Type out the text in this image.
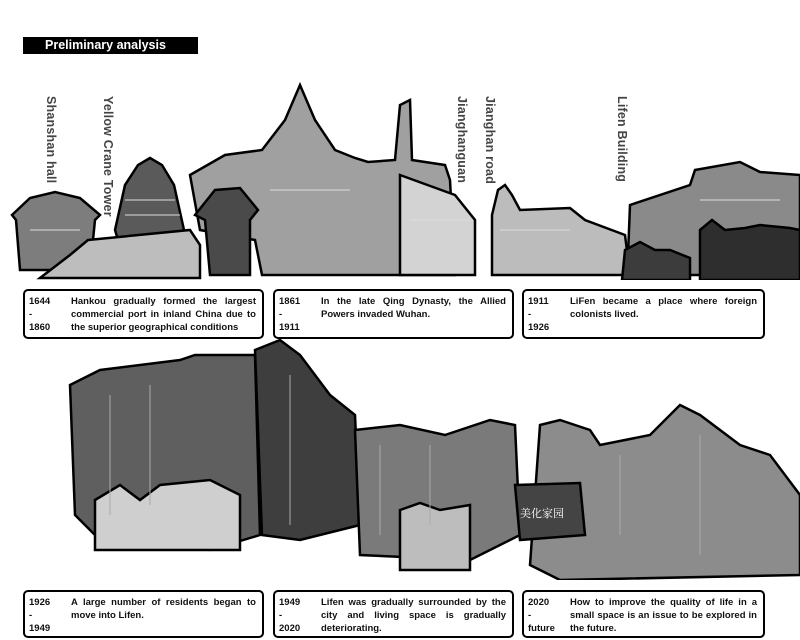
Preliminary analysis
Shanshan hall	Yellow Crane Tower	Jianghanguan Jianghan road	Lifen Building
1644
-
1860
Hankou gradually formed the largest commercial port in inland China due to the superior geographical conditions
1861
-
1911
In the late Qing Dynasty, the Allied Powers invaded Wuhan.
1911
-
1926
LiFen became a place where foreign colonists lived.
美化家园
1926
-
1949
A large number of residents began to move into Lifen.
1949
-
2020
Lifen was gradually surrounded by the city and living space is gradually deteriorating.
2020
-
future
How to improve the quality of life in a small space is an issue to be explored in the future.
